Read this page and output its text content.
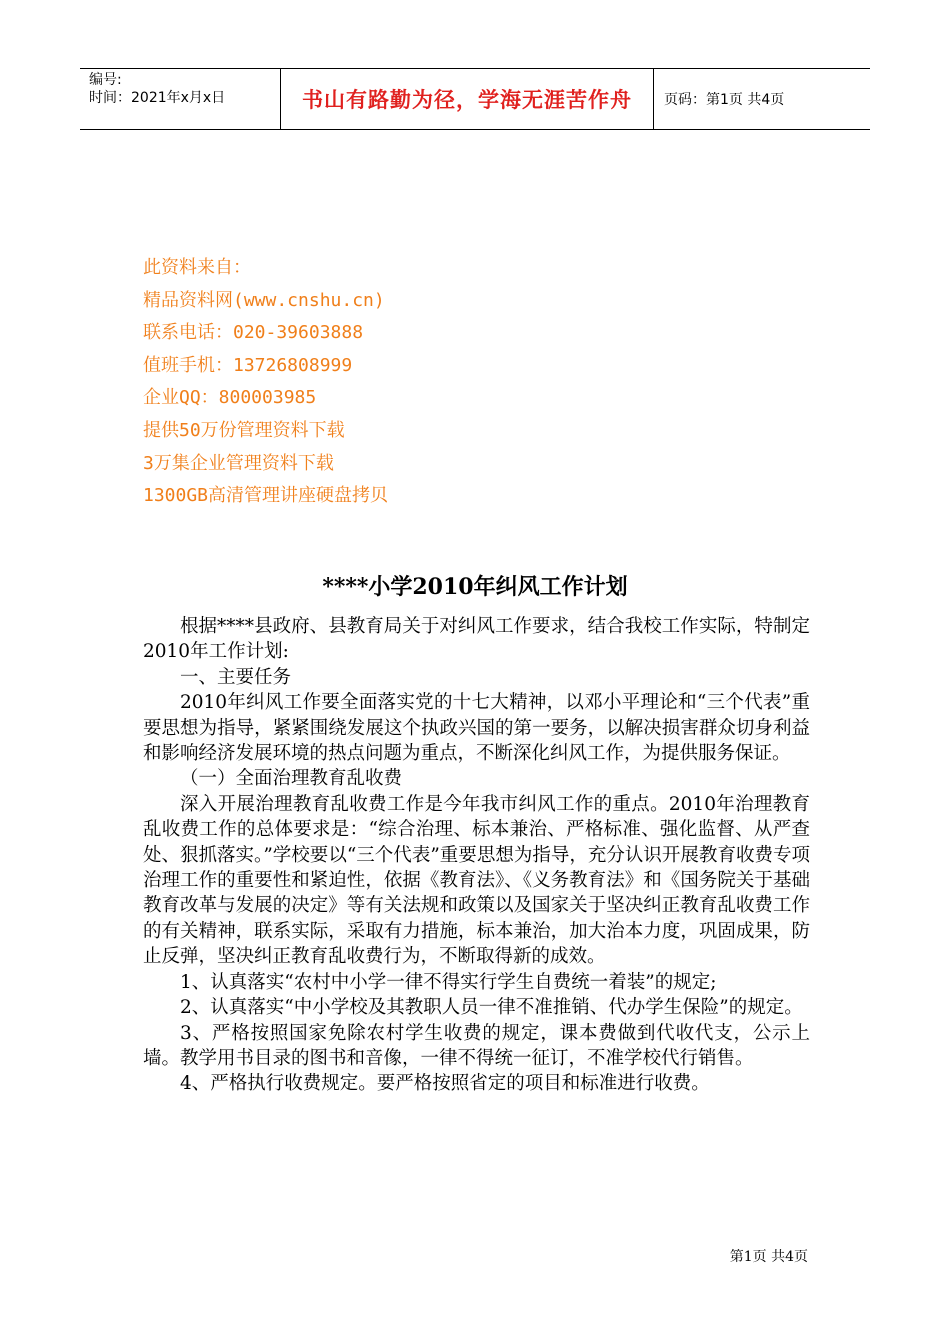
编号:
时间：2021年x月x日	书山有路勤为径，学海无涯苦作舟 页码：第1页 共4页
此资料来自：
精品资料网(www.cnshu.cn)
联系电话：020-39603888
值班手机：13726808999
企业QQ：800003985
提供50万份管理资料下载
3万集企业管理资料下载
1300GB高清管理讲座硬盘拷贝
****小学2010年纠风工作计划

根据****县政府、县教育局关于对纠风工作要求，结合我校工作实际，特制定2010年工作计划:

一、主要任务

2010年纠风工作要全面落实党的十七大精神，以邓小平理论和“三个代表”重要思想为指导，紧紧围绕发展这个执政兴国的第一要务，以解决损害群众切身利益和影响经济发展环境的热点问题为重点，不断深化纠风工作，为提供服务保证。

（一）全面治理教育乱收费

深入开展治理教育乱收费工作是今年我市纠风工作的重点。2010年治理教育乱收费工作的总体要求是：“综合治理、标本兼治、严格标准、强化监督、从严查处、狠抓落实。”学校要以“三个代表”重要思想为指导，充分认识开展教育收费专项治理工作的重要性和紧迫性，依据《教育法》、《义务教育法》和《国务院关于基础教育改革与发展的决定》等有关法规和政策以及国家关于坚决纠正教育乱收费工作的有关精神，联系实际，采取有力措施，标本兼治，加大治本力度，巩固成果，防止反弹，坚决纠正教育乱收费行为，不断取得新的成效。

1、认真落实“农村中小学一律不得实行学生自费统一着装”的规定;

2、认真落实“中小学校及其教职人员一律不准推销、代办学生保险”的规定。

3、严格按照国家免除农村学生收费的规定，课本费做到代收代支，公示上墙。教学用书目录的图书和音像，一律不得统一征订，不准学校代行销售。

4、严格执行收费规定。要严格按照省定的项目和标准进行收费。

第1页 共4页
